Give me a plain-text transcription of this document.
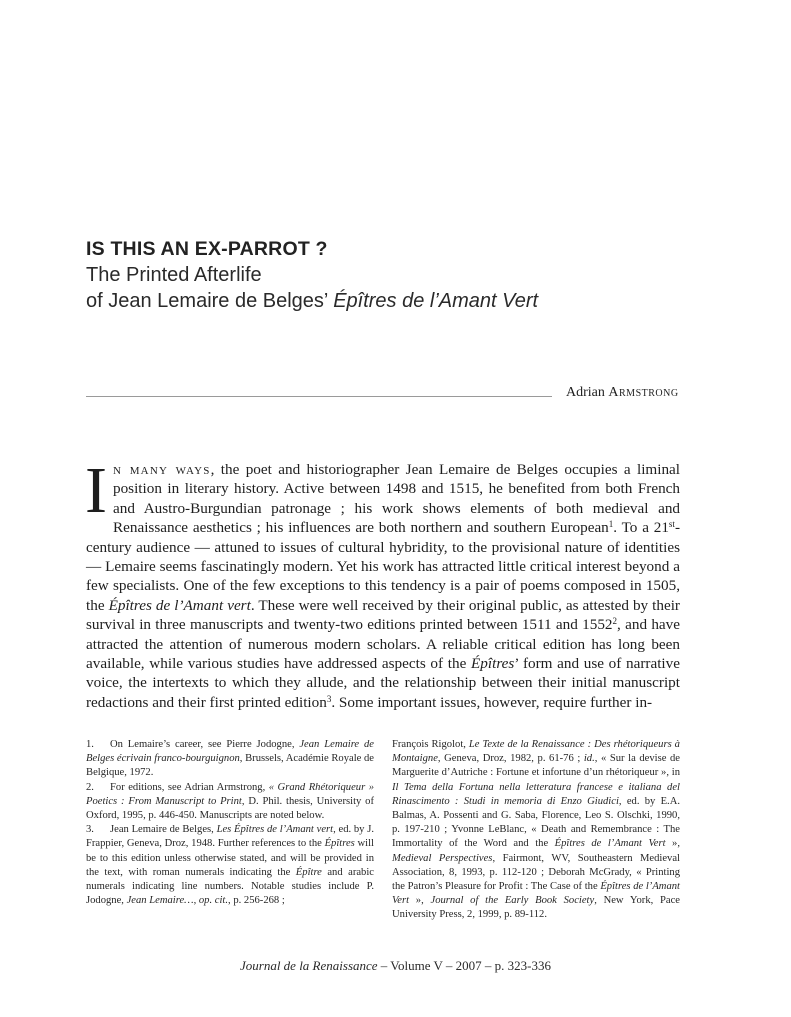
IS THIS AN EX-PARROT ?
The Printed Afterlife
of Jean Lemaire de Belges’ Épîtres de l’Amant Vert
Adrian Armstrong

In many ways, the poet and historiographer Jean Lemaire de Belges occupies a liminal position in literary history. Active between 1498 and 1515, he benefited from both French and Austro-Burgundian patronage ; his work shows elements of both medieval and Renaissance aesthetics ; his influences are both northern and southern European$^1$. To a 21st-century audience — attuned to issues of cultural hybridity, to the provisional nature of identities — Lemaire seems fascinatingly modern. Yet his work has attracted little critical interest beyond a few specialists. One of the few exceptions to this tendency is a pair of poems composed in 1505, the Épîtres de l’Amant vert. These were well received by their original public, as attested by their survival in three manuscripts and twenty-two editions printed between 1511 and 1552$^2$, and have attracted the attention of numerous modern scholars. A reliable critical edition has long been available, while various studies have addressed aspects of the Épîtres’ form and use of narrative voice, the intertexts to which they allude, and the relationship between their initial manuscript redactions and their first printed edition$^3$. Some important issues, however, require further in-

1. On Lemaire’s career, see Pierre Jodogne, Jean Lemaire de Belges écrivain franco-bourguignon, Brussels, Académie Royale de Belgique, 1972.

2. For editions, see Adrian Armstrong, « Grand Rhétoriqueur » Poetics : From Manuscript to Print, D. Phil. thesis, University of Oxford, 1995, p. 446-450. Manuscripts are noted below.

3. Jean Lemaire de Belges, Les Épîtres de l’Amant vert, ed. by J. Frappier, Geneva, Droz, 1948. Further references to the Épîtres will be to this edition unless otherwise stated, and will be provided in the text, with roman numerals indicating the Épître and arabic numerals indicating line numbers. Notable studies include P. Jodogne, Jean Lemaire…, op. cit., p. 256-268 ;

François Rigolot, Le Texte de la Renaissance : Des rhétoriqueurs à Montaigne, Geneva, Droz, 1982, p. 61-76 ; id., « Sur la devise de Marguerite d’Autriche : Fortune et infortune d’un rhétoriqueur », in Il Tema della Fortuna nella letteratura francese e italiana del Rinascimento : Studi in memoria di Enzo Giudici, ed. by E.A. Balmas, A. Possenti and G. Saba, Florence, Leo S. Olschki, 1990, p. 197-210 ; Yvonne LeBlanc, « Death and Remembrance : The Immortality of the Word and the Épîtres de l’Amant Vert », Medieval Perspectives, Fairmont, WV, Southeastern Medieval Association, 8, 1993, p. 112-120 ; Deborah McGrady, « Printing the Patron’s Pleasure for Profit : The Case of the Épîtres de l’Amant Vert », Journal of the Early Book Society, New York, Pace University Press, 2, 1999, p. 89-112.

Journal de la Renaissance – Volume V – 2007 – p. 323-336
